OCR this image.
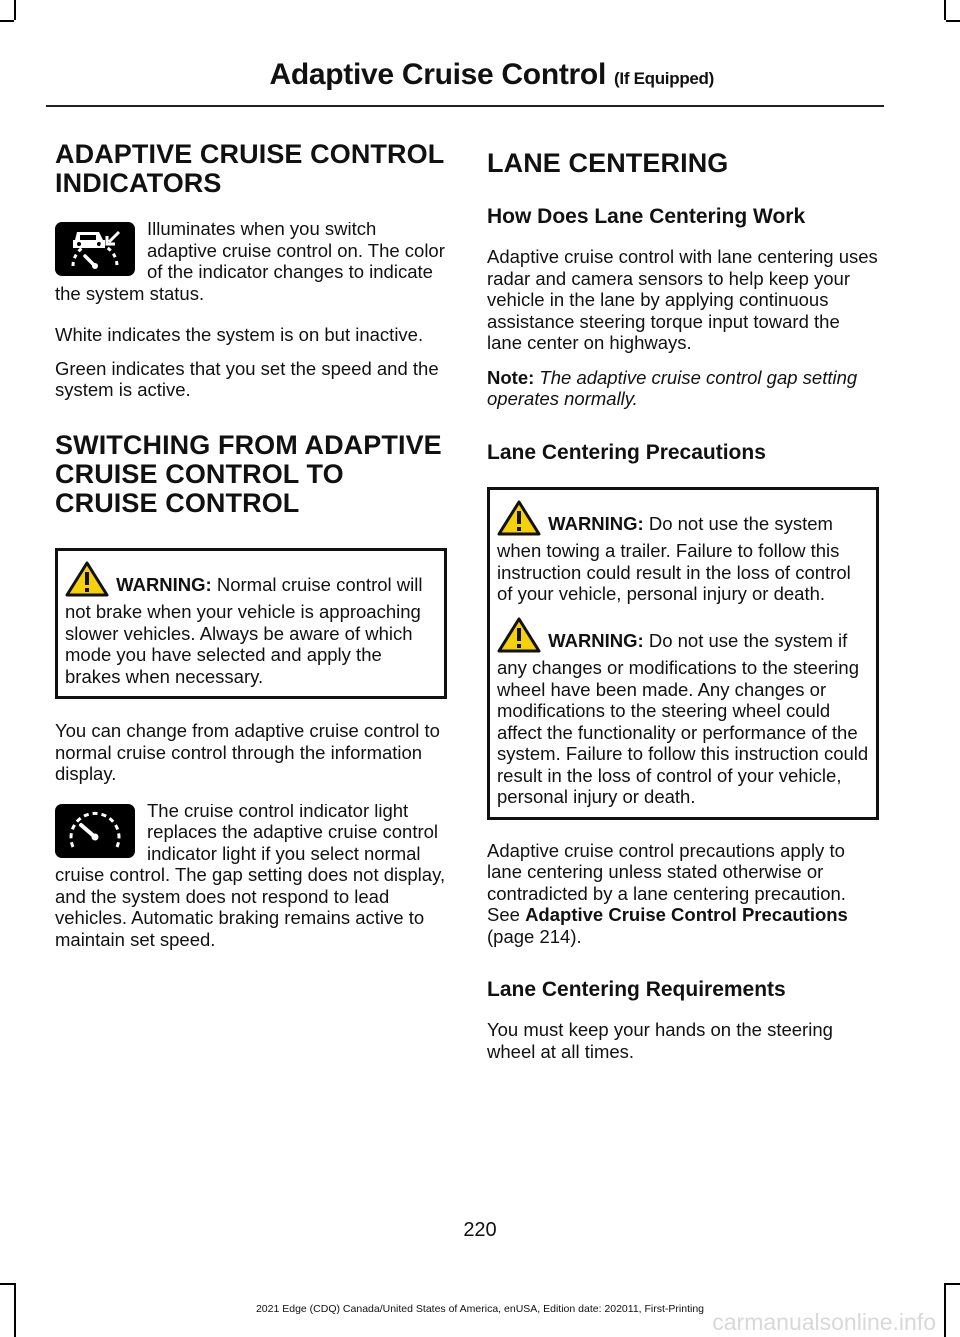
Adaptive Cruise Control (If Equipped)
ADAPTIVE CRUISE CONTROL INDICATORS

Illuminates when you switch adaptive cruise control on. The color of the indicator changes to indicate the system status.

White indicates the system is on but inactive.

Green indicates that you set the speed and the system is active.

SWITCHING FROM ADAPTIVE CRUISE CONTROL TO CRUISE CONTROL

WARNING: Normal cruise control will not brake when your vehicle is approaching slower vehicles. Always be aware of which mode you have selected and apply the brakes when necessary.

You can change from adaptive cruise control to normal cruise control through the information display.

The cruise control indicator light replaces the adaptive cruise control indicator light if you select normal cruise control. The gap setting does not display, and the system does not respond to lead vehicles. Automatic braking remains active to maintain set speed.

LANE CENTERING
How Does Lane Centering Work

Adaptive cruise control with lane centering uses radar and camera sensors to help keep your vehicle in the lane by applying continuous assistance steering torque input toward the lane center on highways.

Note: The adaptive cruise control gap setting operates normally.

Lane Centering Precautions

WARNING: Do not use the system when towing a trailer. Failure to follow this instruction could result in the loss of control of your vehicle, personal injury or death.

WARNING: Do not use the system if any changes or modifications to the steering wheel have been made. Any changes or modifications to the steering wheel could affect the functionality or performance of the system. Failure to follow this instruction could result in the loss of control of your vehicle, personal injury or death.

Adaptive cruise control precautions apply to lane centering unless stated otherwise or contradicted by a lane centering precaution. See Adaptive Cruise Control Precautions (page 214).

Lane Centering Requirements

You must keep your hands on the steering wheel at all times.

220
2021 Edge (CDQ) Canada/United States of America, enUSA, Edition date: 202011, First-Printing carmanualsonline.info
